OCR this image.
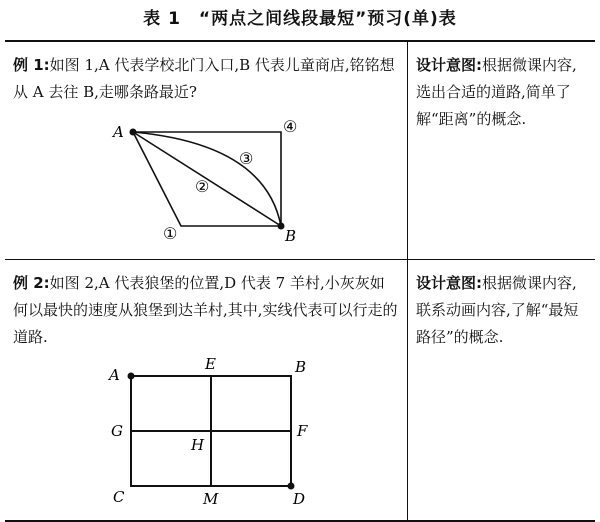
表 1　“两点之间线段最短”预习(单)表
例 1:如图 1,A 代表学校北门入口,B 代表儿童商店,铭铭想从 A 去往 B,走哪条路最近?
A
B
①
②
③
④
设计意图:根据微课内容,选出合适的道路,简单了解“距离”的概念.
例 2:如图 2,A 代表狼堡的位置,D 代表 7 羊村,小灰灰如何以最快的速度从狼堡到达羊村,其中,实线代表可以行走的道路.
A
E	B
G
H
F
C	M	D
设计意图:根据微课内容,联系动画内容,了解“最短路径”的概念.
